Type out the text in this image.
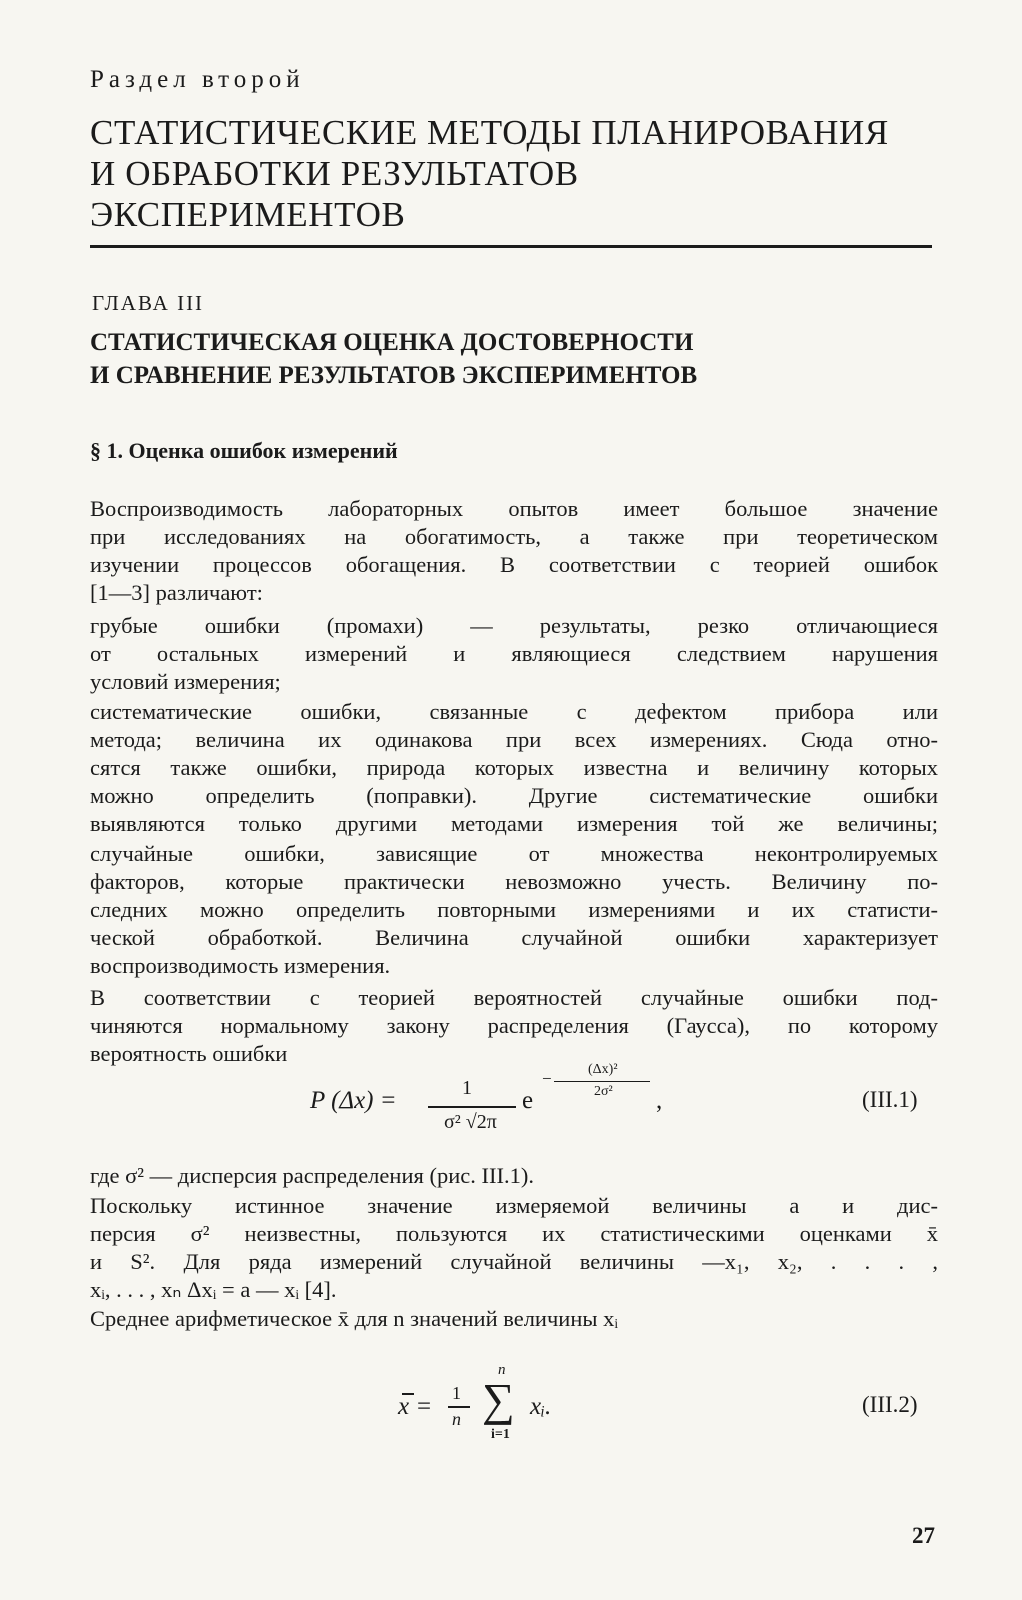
Раздел второй
СТАТИСТИЧЕСКИЕ МЕТОДЫ ПЛАНИРОВАНИЯ
И ОБРАБОТКИ РЕЗУЛЬТАТОВ
ЭКСПЕРИМЕНТОВ
ГЛАВА III
СТАТИСТИЧЕСКАЯ ОЦЕНКА ДОСТОВЕРНОСТИ
И СРАВНЕНИЕ РЕЗУЛЬТАТОВ ЭКСПЕРИМЕНТОВ
§ 1. Оценка ошибок измерений
Воспроизводимость лабораторных опытов имеет большое значение
при исследованиях на обогатимость, а также при теоретическом
изучении процессов обогащения. В соответствии с теорией ошибок
[1—3] различают:
грубые ошибки (промахи) — результаты, резко отличающиеся
от остальных измерений и являющиеся следствием нарушения
условий измерения;
систематические ошибки, связанные с дефектом прибора или
метода; величина их одинакова при всех измерениях. Сюда отно-
сятся также ошибки, природа которых известна и величину которых
можно определить (поправки). Другие систематические ошибки
выявляются только другими методами измерения той же величины;
случайные ошибки, зависящие от множества неконтролируемых
факторов, которые практически невозможно учесть. Величину по-
следних можно определить повторными измерениями и их статисти-
ческой обработкой. Величина случайной ошибки характеризует
воспроизводимость измерения.
В соответствии с теорией вероятностей случайные ошибки под-
чиняются нормальному закону распределения (Гаусса), по которому
вероятность ошибки
P (Δx) =	1
σ² √2π
e
−	(Δx)²
2σ² ,	(III.1)
где σ² — дисперсия распределения (рис. III.1).
Поскольку истинное значение измеряемой величины a и дис-
персия σ² неизвестны, пользуются их статистическими оценками x̄
и S². Для ряда измерений случайной величины —x₁, x₂, . . . ,
xᵢ, . . . , xₙ Δxᵢ = a — xᵢ [4].
Среднее арифметическое x̄ для n значений величины xᵢ
x = 1
n
n
∑
i=1
xᵢ.	(III.2)
27
